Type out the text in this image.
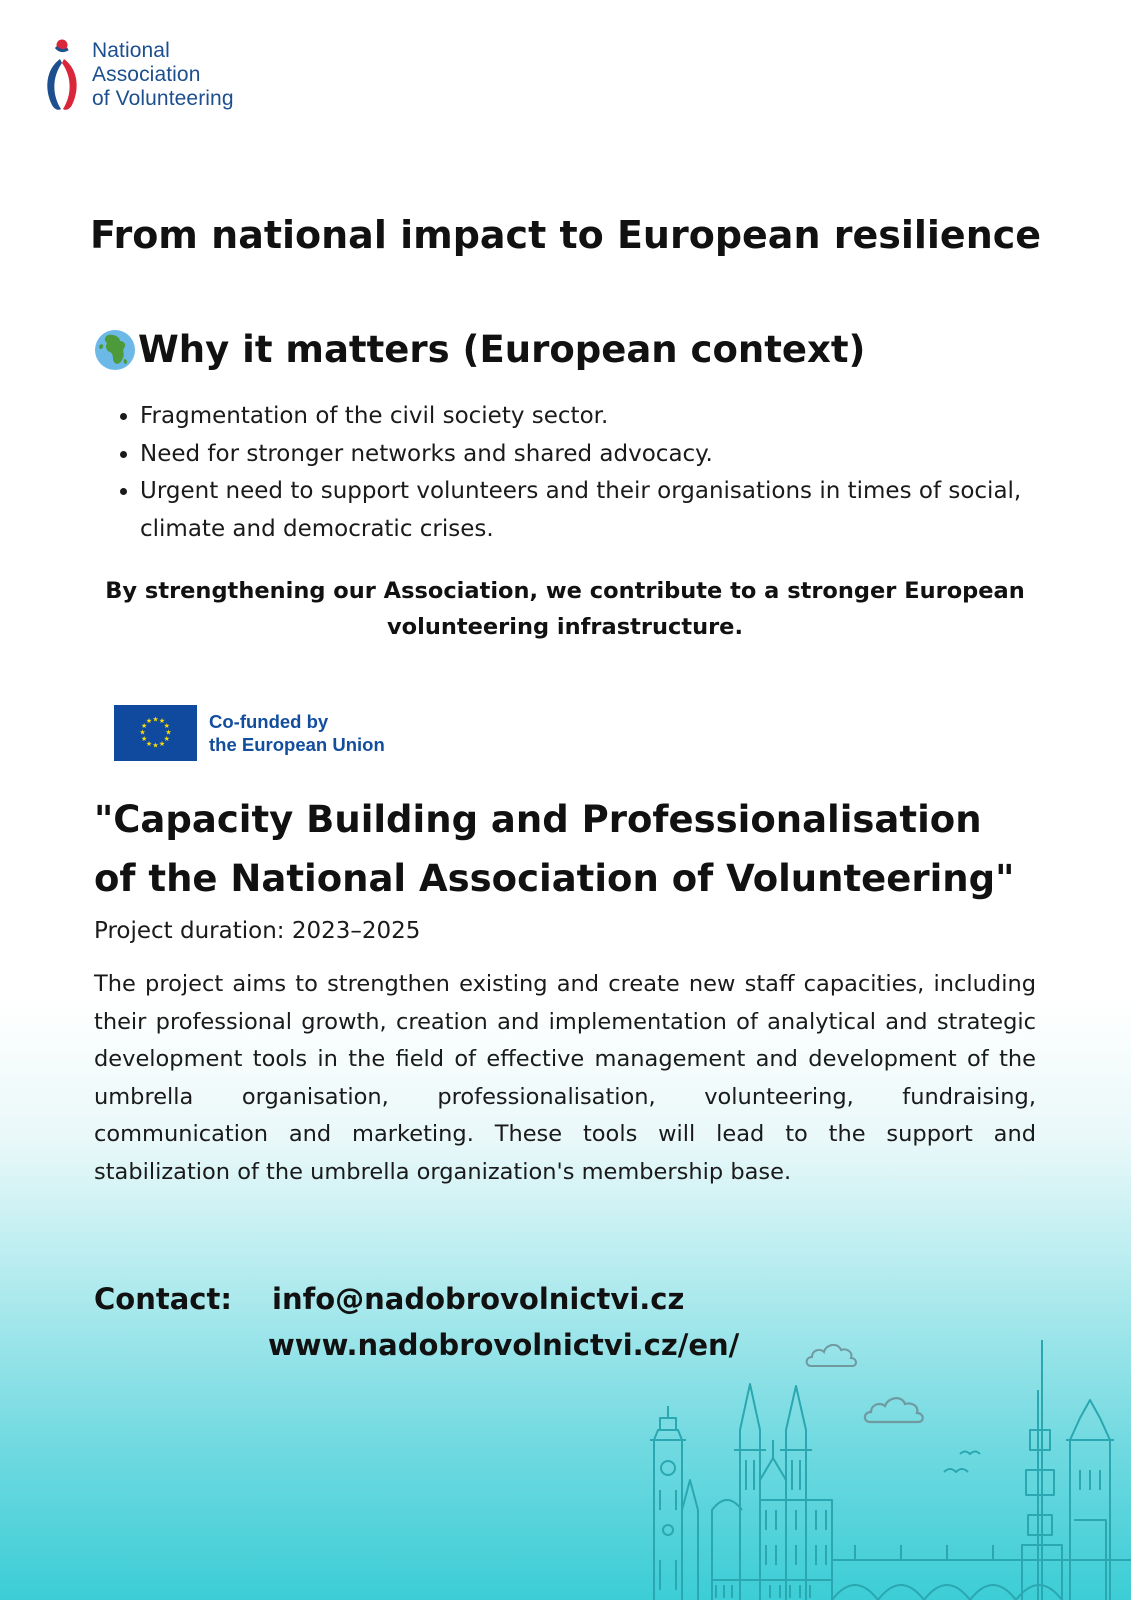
National
Association
of Volunteering
From national impact to European resilience
Why it matters (European context)
• Fragmentation of the civil society sector.
• Need for stronger networks and shared advocacy.
• Urgent need to support volunteers and their organisations in times of social, climate and democratic crises.
By strengthening our Association, we contribute to a stronger European volunteering infrastructure.
★ ★
★
★
★
★
★
★
★
★
★
★	Co-funded by
the European Union
"Capacity Building and Professionalisation
of the National Association of Volunteering"
Project duration: 2023–2025
The project aims to strengthen existing and create new staff capacities, including their professional growth, creation and implementation of analytical and strategic development tools in the field of effective management and development of the umbrella organisation, professionalisation, volunteering, fundraising, communication and marketing. These tools will lead to the support and stabilization of the umbrella organization's membership base.
Contact: info@nadobrovolnictvi.cz
www.nadobrovolnictvi.cz/en/
